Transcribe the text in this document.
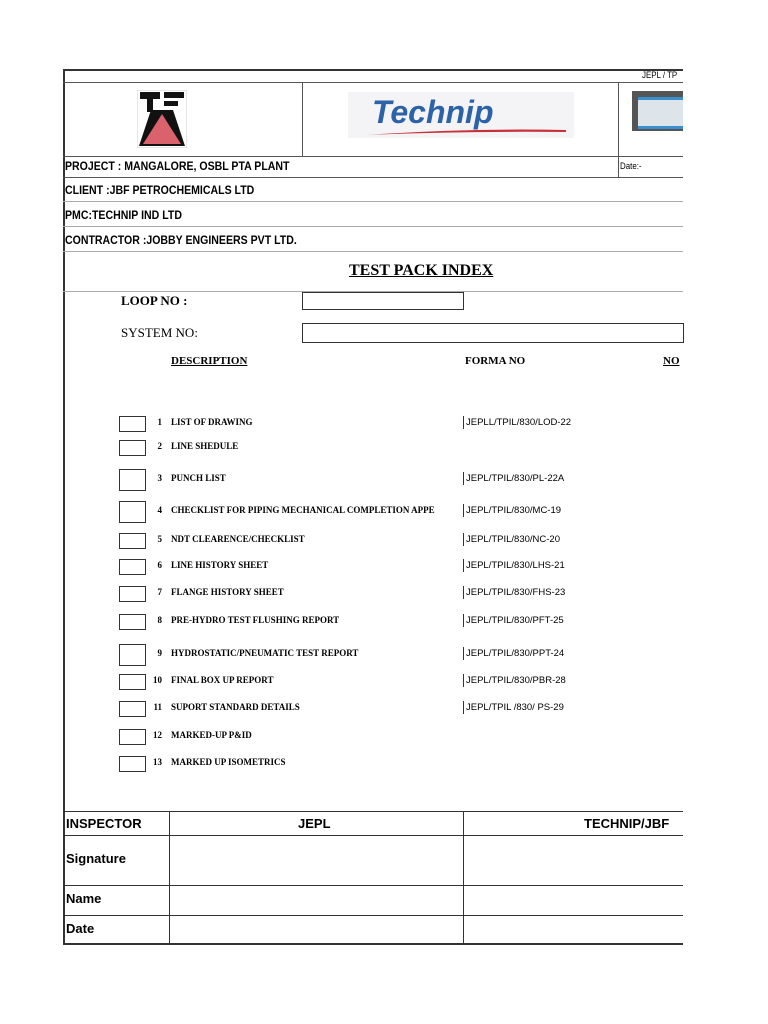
JEPL / TP
Technip
PROJECT : MANGALORE, OSBL PTA PLANT	Date:-
CLIENT :JBF PETROCHEMICALS LTD
PMC:TECHNIP IND LTD
CONTRACTOR :JOBBY ENGINEERS PVT LTD.
TEST PACK INDEX
LOOP NO :
SYSTEM NO:
DESCRIPTION	FORMA NO	NO
1 LIST OF DRAWING	JEPLL/TPIL/830/LOD-22
2 LINE SHEDULE
3 PUNCH LIST	JEPL/TPIL/830/PL-22A
4 CHECKLIST FOR PIPING MECHANICAL COMPLETION APPE	JEPL/TPIL/830/MC-19
5 NDT CLEARENCE/CHECKLIST	JEPL/TPIL/830/NC-20
6 LINE HISTORY SHEET	JEPL/TPIL/830/LHS-21
7 FLANGE HISTORY SHEET	JEPL/TPIL/830/FHS-23
8 PRE-HYDRO TEST FLUSHING REPORT	JEPL/TPIL/830/PFT-25
9 HYDROSTATIC/PNEUMATIC TEST REPORT	JEPL/TPIL/830/PPT-24
10 FINAL BOX UP REPORT	JEPL/TPIL/830/PBR-28
11 SUPORT STANDARD DETAILS	JEPL/TPIL /830/ PS-29
12 MARKED-UP P&ID
13 MARKED UP ISOMETRICS
INSPECTOR	JEPL	TECHNIP/JBF
Signature
Name
Date
